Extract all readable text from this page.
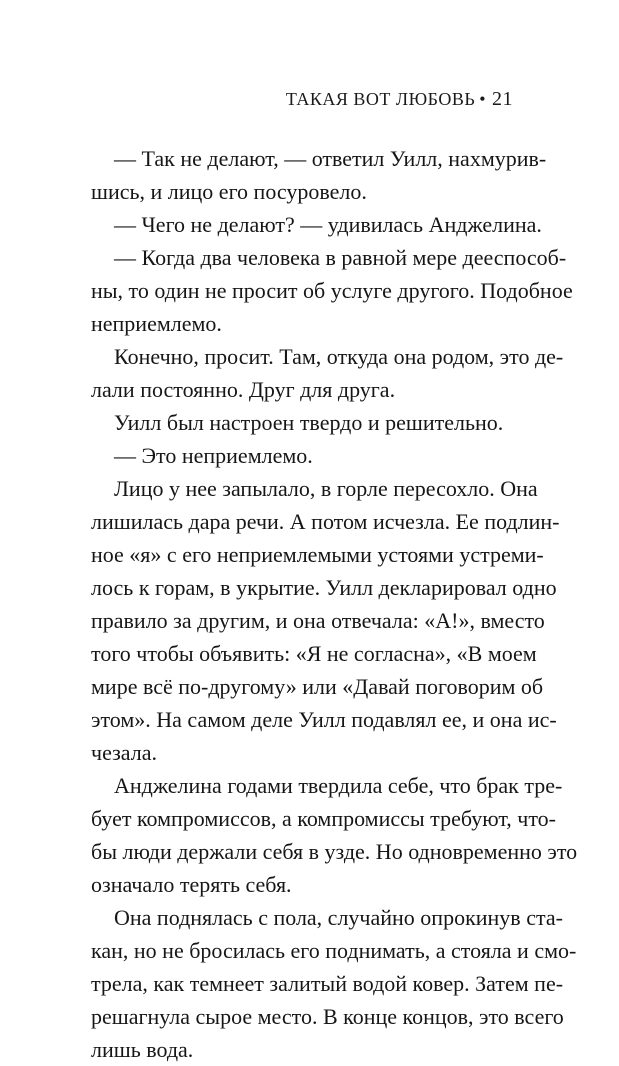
ТАКАЯ ВОТ ЛЮБОВЬ • 21
— Так не делают, — ответил Уилл, нахмурив-
шись, и лицо его посуровело.
— Чего не делают? — удивилась Анджелина.
— Когда два человека в равной мере дееспособ-
ны, то один не просит об услуге другого. Подобное
неприемлемо.
Конечно, просит. Там, откуда она родом, это де-
лали постоянно. Друг для друга.
Уилл был настроен твердо и решительно.
— Это неприемлемо.
Лицо у нее запылало, в горле пересохло. Она
лишилась дара речи. А потом исчезла. Ее подлин-
ное «я» с его неприемлемыми устоями устреми-
лось к горам, в укрытие. Уилл декларировал одно
правило за другим, и она отвечала: «А!», вместо
того чтобы объявить: «Я не согласна», «В моем
мире всё по-другому» или «Давай поговорим об
этом». На самом деле Уилл подавлял ее, и она ис-
чезала.
Анджелина годами твердила себе, что брак тре-
бует компромиссов, а компромиссы требуют, что-
бы люди держали себя в узде. Но одновременно это
означало терять себя.
Она поднялась с пола, случайно опрокинув ста-
кан, но не бросилась его поднимать, а стояла и смо-
трела, как темнеет залитый водой ковер. Затем пе-
решагнула сырое место. В конце концов, это всего
лишь вода.
